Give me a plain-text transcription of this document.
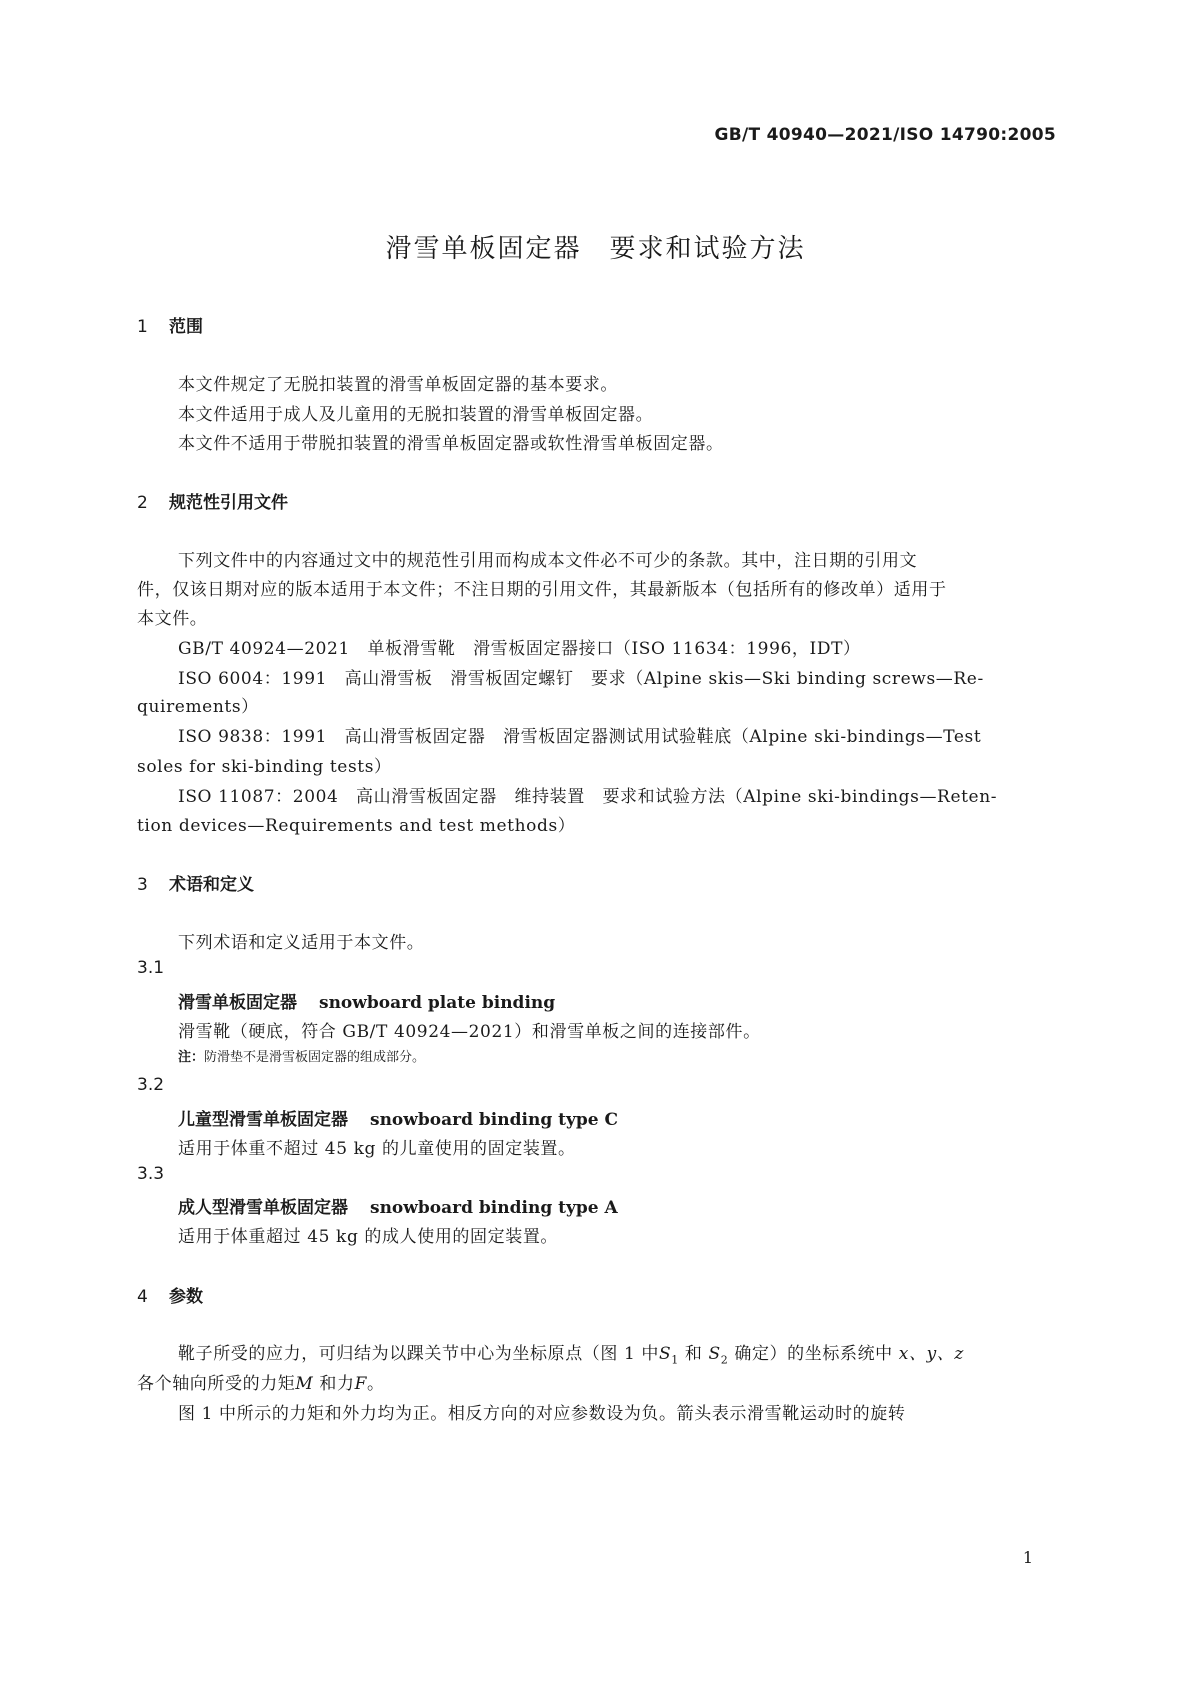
GB/T 40940—2021/ISO 14790:2005
滑雪单板固定器　要求和试验方法
1 范围
本文件规定了无脱扣装置的滑雪单板固定器的基本要求。
本文件适用于成人及儿童用的无脱扣装置的滑雪单板固定器。
本文件不适用于带脱扣装置的滑雪单板固定器或软性滑雪单板固定器。
2 规范性引用文件
下列文件中的内容通过文中的规范性引用而构成本文件必不可少的条款。其中，注日期的引用文
件，仅该日期对应的版本适用于本文件；不注日期的引用文件，其最新版本（包括所有的修改单）适用于
本文件。
GB/T 40924—2021　单板滑雪靴　滑雪板固定器接口（ISO 11634：1996，IDT）
ISO 6004：1991　高山滑雪板　滑雪板固定螺钉　要求（Alpine skis—Ski binding screws—Re-
quirements）
ISO 9838：1991　高山滑雪板固定器　滑雪板固定器测试用试验鞋底（Alpine ski-bindings—Test
soles for ski-binding tests）
ISO 11087：2004　高山滑雪板固定器　维持装置　要求和试验方法（Alpine ski-bindings—Reten-
tion devices—Requirements and test methods）
3 术语和定义
下列术语和定义适用于本文件。
3.1
滑雪单板固定器 snowboard plate binding
滑雪靴（硬底，符合 GB/T 40924—2021）和滑雪单板之间的连接部件。
注：防滑垫不是滑雪板固定器的组成部分。
3.2
儿童型滑雪单板固定器 snowboard binding type C
适用于体重不超过 45 kg 的儿童使用的固定装置。
3.3
成人型滑雪单板固定器 snowboard binding type A
适用于体重超过 45 kg 的成人使用的固定装置。
4 参数
靴子所受的应力，可归结为以踝关节中心为坐标原点（图 1 中$S_1$ 和 $S_2$ 确定）的坐标系统中 x、y、z
各个轴向所受的力矩M 和力F。
图 1 中所示的力矩和外力均为正。相反方向的对应参数设为负。箭头表示滑雪靴运动时的旋转
1
